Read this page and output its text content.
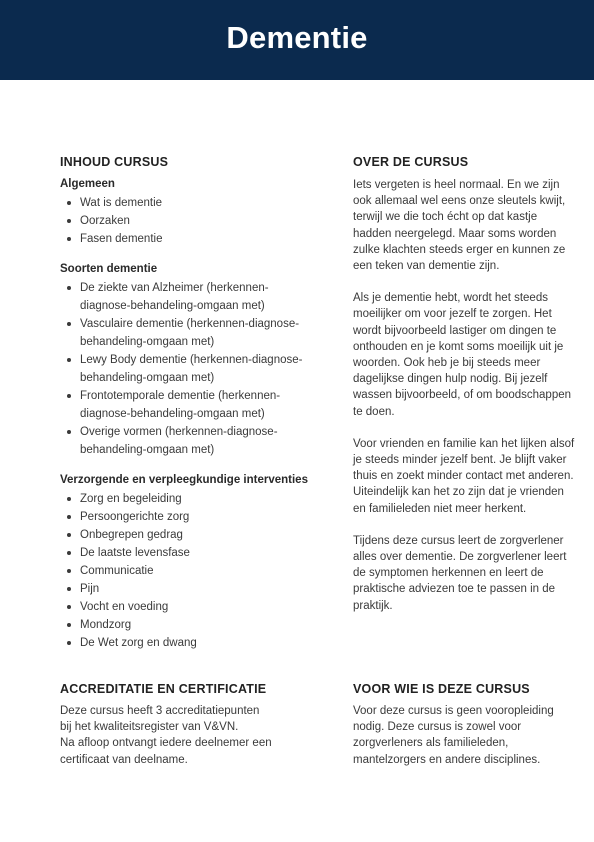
Dementie
INHOUD CURSUS
Algemeen
Wat is dementie
Oorzaken
Fasen dementie
Soorten dementie
De ziekte van Alzheimer (herkennen-diagnose-behandeling-omgaan met)
Vasculaire dementie (herkennen-diagnose-behandeling-omgaan met)
Lewy Body dementie (herkennen-diagnose-behandeling-omgaan met)
Frontotemporale dementie (herkennen-diagnose-behandeling-omgaan met)
Overige vormen (herkennen-diagnose-behandeling-omgaan met)
Verzorgende en verpleegkundige interventies
Zorg en begeleiding
Persoongerichte zorg
Onbegrepen gedrag
De laatste levensfase
Communicatie
Pijn
Vocht en voeding
Mondzorg
De Wet zorg en dwang
OVER DE CURSUS

Iets vergeten is heel normaal. En we zijn ook allemaal wel eens onze sleutels kwijt, terwijl we die toch écht op dat kastje hadden neergelegd. Maar soms worden zulke klachten steeds erger en kunnen ze een teken van dementie zijn.

Als je dementie hebt, wordt het steeds moeilijker om voor jezelf te zorgen. Het wordt bijvoorbeeld lastiger om dingen te onthouden en je komt soms moeilijk uit je woorden. Ook heb je bij steeds meer dagelijkse dingen hulp nodig. Bij jezelf wassen bijvoorbeeld, of om boodschappen te doen.

Voor vrienden en familie kan het lijken alsof je steeds minder jezelf bent. Je blijft vaker thuis en zoekt minder contact met anderen. Uiteindelijk kan het zo zijn dat je vrienden en familieleden niet meer herkent.

Tijdens deze cursus leert de zorgverlener alles over dementie. De zorgverlener leert de symptomen herkennen en leert de praktische adviezen toe te passen in de praktijk.

ACCREDITATIE EN CERTIFICATIE

Deze cursus heeft 3 accreditatiepunten
bij het kwaliteitsregister van V&VN.
Na afloop ontvangt iedere deelnemer een
certificaat van deelname.

VOOR WIE IS DEZE CURSUS

Voor deze cursus is geen vooropleiding nodig. Deze cursus is zowel voor zorgverleners als familieleden, mantelzorgers en andere disciplines.
